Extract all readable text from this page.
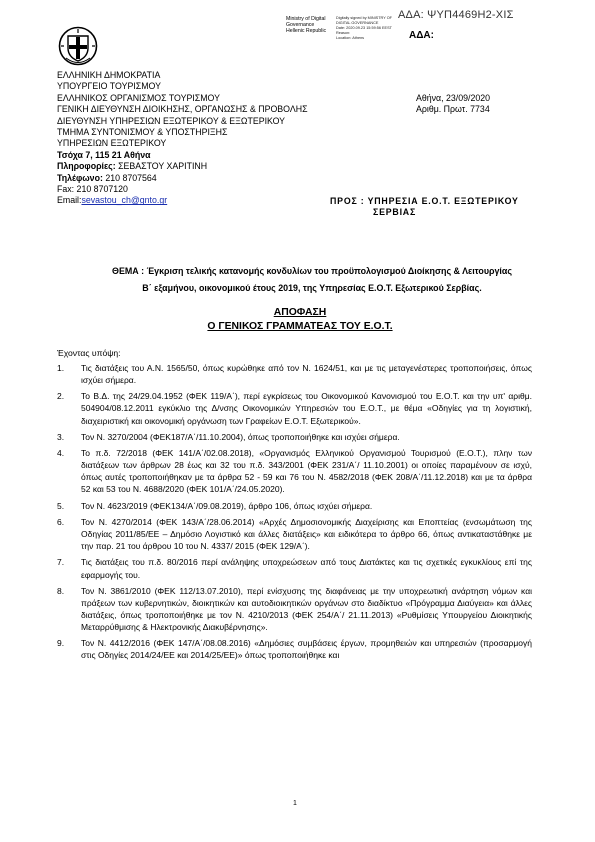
ΑΔΑ: ΨΥΠ4469Η2-ΧΙΣ
ΑΔΑ:
Ministry of Digital
Governance
Hellenic Republic
Digitally signed by MINISTRY OF
DIGITAL GOVERNANCE
Date: 2020.09.23 15:59:56 EEST
Reason:
Location: Athens
ΕΛΛΗΝΙΚΗ ΔΗΜΟΚΡΑΤΙΑ
ΥΠΟΥΡΓΕΙΟ ΤΟΥΡΙΣΜΟΥ
ΕΛΛΗΝΙΚΟΣ ΟΡΓΑΝΙΣΜΟΣ ΤΟΥΡΙΣΜΟΥ
ΓΕΝΙΚΗ ΔΙΕΥΘΥΝΣΗ ΔΙΟΙΚΗΣΗΣ, ΟΡΓΑΝΩΣΗΣ & ΠΡΟΒΟΛΗΣ
ΔΙΕΥΘΥΝΣΗ ΥΠΗΡΕΣΙΩΝ ΕΞΩΤΕΡΙΚΟΥ & ΕΞΩΤΕΡΙΚΟΥ
ΤΜΗΜΑ ΣΥΝΤΟΝΙΣΜΟΥ & ΥΠΟΣΤΗΡΙΞΗΣ
ΥΠΗΡΕΣΙΩΝ ΕΞΩΤΕΡΙΚΟΥ
Τσόχα 7, 115 21 Αθήνα
Πληροφορίες: ΣΕΒΑΣΤΟΥ ΧΑΡΙΤΙΝΗ
Τηλέφωνο: 210 8707564
Fax: 210 8707120
Email:sevastou_ch@gnto.gr
Αθήνα, 23/09/2020
Αριθμ. Πρωτ. 7734
ΠΡΟΣ : ΥΠΗΡΕΣΙΑ Ε.Ο.Τ. ΕΞΩΤΕΡΙΚΟΥ
ΣΕΡΒΙΑΣ
ΘΕΜΑ : Έγκριση τελικής κατανομής κονδυλίων του προϋπολογισμού Διοίκησης & Λειτουργίας
Β΄ εξαμήνου, οικονομικού έτους 2019, της Υπηρεσίας Ε.Ο.Τ. Εξωτερικού Σερβίας.
ΑΠΟΦΑΣΗ
Ο ΓΕΝΙΚΟΣ ΓΡΑΜΜΑΤΕΑΣ ΤΟΥ Ε.Ο.Τ.
Έχοντας υπόψη:
1. Τις διατάξεις του Α.Ν. 1565/50, όπως κυρώθηκε από τον Ν. 1624/51, και με τις μεταγενέστερες τροποποιήσεις, όπως ισχύει σήμερα.
2. Το Β.Δ. της 24/29.04.1952 (ΦΕΚ 119/Α΄), περί εγκρίσεως του Οικονομικού Κανονισμού του Ε.Ο.Τ. και την υπ' αριθμ. 504904/08.12.2011 εγκύκλιο της Δ/νσης Οικονομικών Υπηρεσιών του Ε.Ο.Τ., με θέμα «Οδηγίες για τη λογιστική, διαχειριστική και οικονομική οργάνωση των Γραφείων Ε.Ο.Τ. Εξωτερικού».
3. Τον Ν. 3270/2004 (ΦΕΚ187/Α΄/11.10.2004), όπως τροποποιήθηκε και ισχύει σήμερα.
4. Το π.δ. 72/2018 (ΦΕΚ 141/Α΄/02.08.2018), «Οργανισμός Ελληνικού Οργανισμού Τουρισμού (Ε.Ο.Τ.), πλην των διατάξεων των άρθρων 28 έως και 32 του π.δ. 343/2001 (ΦΕΚ 231/Α΄/ 11.10.2001) οι οποίες παραμένουν σε ισχύ, όπως αυτές τροποποιήθηκαν με τα άρθρα 52 - 59 και 76 του Ν. 4582/2018 (ΦΕΚ 208/Α΄/11.12.2018) και με τα άρθρα 52 και 53 του Ν. 4688/2020 (ΦΕΚ 101/Α΄/24.05.2020).
5. Τον Ν. 4623/2019 (ΦΕΚ134/Α΄/09.08.2019), άρθρο 106, όπως ισχύει σήμερα.
6. Τον Ν. 4270/2014 (ΦΕΚ 143/Α΄/28.06.2014) «Αρχές Δημοσιονομικής Διαχείρισης και Εποπτείας (ενσωμάτωση της Οδηγίας 2011/85/ΕΕ – Δημόσιο Λογιστικό και άλλες διατάξεις» και ειδικότερα το άρθρο 66, όπως αντικαταστάθηκε με την παρ. 21 του άρθρου 10 του Ν. 4337/ 2015 (ΦΕΚ 129/Α΄).
7. Τις διατάξεις του π.δ. 80/2016 περί ανάληψης υποχρεώσεων από τους Διατάκτες και τις σχετικές εγκυκλίους επί της εφαρμογής του.
8. Τον Ν. 3861/2010 (ΦΕΚ 112/13.07.2010), περί ενίσχυσης της διαφάνειας με την υποχρεωτική ανάρτηση νόμων και πράξεων των κυβερνητικών, διοικητικών και αυτοδιοικητικών οργάνων στο διαδίκτυο «Πρόγραμμα Διαύγεια» και άλλες διατάξεις, όπως τροποποιήθηκε με τον Ν. 4210/2013 (ΦΕΚ 254/Α΄/ 21.11.2013) «Ρυθμίσεις Υπουργείου Διοικητικής Μεταρρύθμισης & Ηλεκτρονικής Διακυβέρνησης».
9. Τον Ν. 4412/2016 (ΦΕΚ 147/Α΄/08.08.2016) «Δημόσιες συμβάσεις έργων, προμηθειών και υπηρεσιών (προσαρμογή στις Οδηγίες 2014/24/ΕΕ και 2014/25/ΕΕ)» όπως τροποποιήθηκε και
1
